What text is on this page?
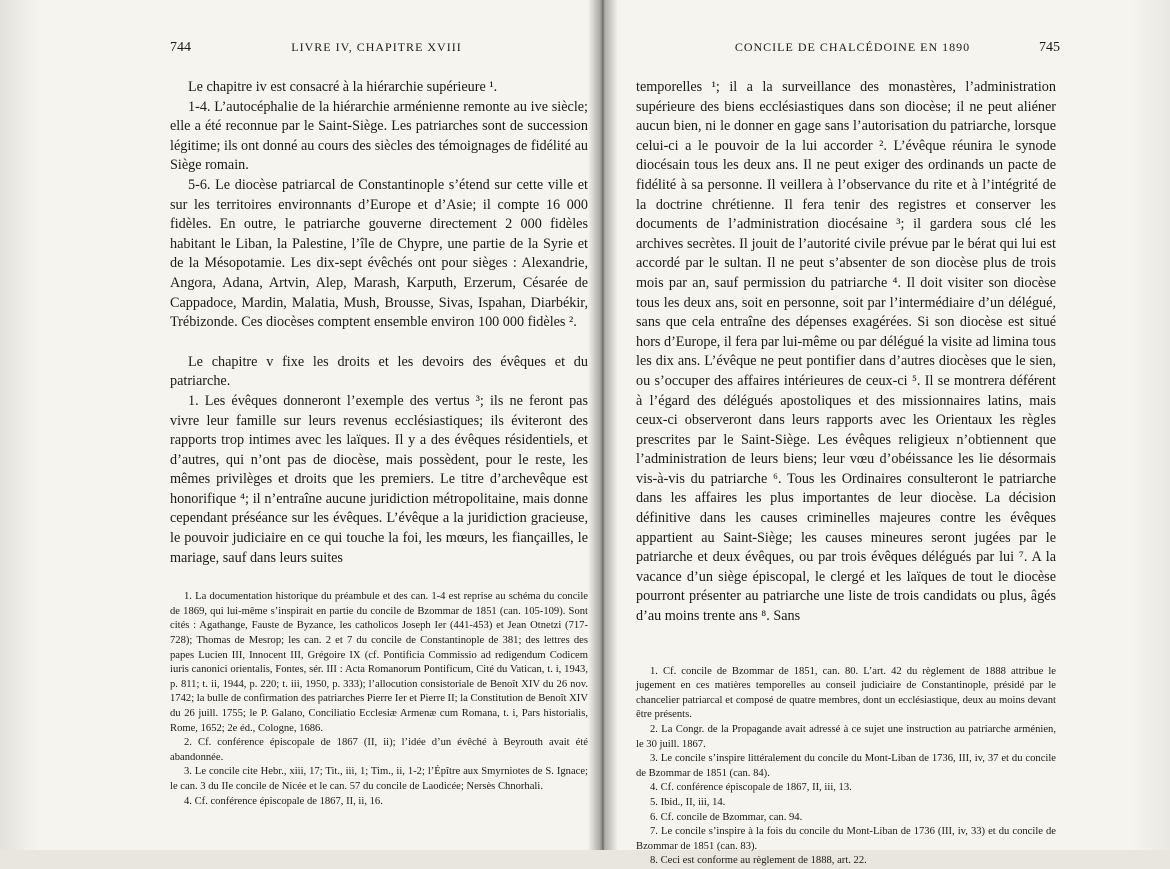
744	LIVRE IV, CHAPITRE XVIII

Le chapitre iv est consacré à la hiérarchie supérieure ¹.

1-4. L’autocéphalie de la hiérarchie arménienne remonte au ive siècle; elle a été reconnue par le Saint-Siège. Les patriarches sont de succession légitime; ils ont donné au cours des siècles des témoignages de fidélité au Siège romain.

5-6. Le diocèse patriarcal de Constantinople s’étend sur cette ville et sur les territoires environnants d’Europe et d’Asie; il compte 16 000 fidèles. En outre, le patriarche gouverne directement 2 000 fidèles habitant le Liban, la Palestine, l’île de Chypre, une partie de la Syrie et de la Mésopotamie. Les dix-sept évêchés ont pour sièges : Alexandrie, Angora, Adana, Artvin, Alep, Marash, Karputh, Erzerum, Césarée de Cappadoce, Mardin, Malatia, Mush, Brousse, Sivas, Ispahan, Diarbékir, Trébizonde. Ces diocèses comptent ensemble environ 100 000 fidèles ².

Le chapitre v fixe les droits et les devoirs des évêques et du patriarche.

1. Les évêques donneront l’exemple des vertus ³; ils ne feront pas vivre leur famille sur leurs revenus ecclésiastiques; ils éviteront des rapports trop intimes avec les laïques. Il y a des évêques résidentiels, et d’autres, qui n’ont pas de diocèse, mais possèdent, pour le reste, les mêmes privilèges et droits que les premiers. Le titre d’archevêque est honorifique ⁴; il n’entraîne aucune juridiction métropolitaine, mais donne cependant préséance sur les évêques. L’évêque a la juridiction gracieuse, le pouvoir judiciaire en ce qui touche la foi, les mœurs, les fiançailles, le mariage, sauf dans leurs suites

1. La documentation historique du préambule et des can. 1-4 est reprise au schéma du concile de 1869, qui lui-même s’inspirait en partie du concile de Bzommar de 1851 (can. 105-109). Sont cités : Agathange, Fauste de Byzance, les catholicos Joseph Ier (441-453) et Jean Otnetzi (717-728); Thomas de Mesrop; les can. 2 et 7 du concile de Constantinople de 381; des lettres des papes Lucien III, Innocent III, Grégoire IX (cf. Pontificia Commissio ad redigendum Codicem iuris canonici orientalis, Fontes, sér. III : Acta Romanorum Pontificum, Cité du Vatican, t. i, 1943, p. 811; t. ii, 1944, p. 220; t. iii, 1950, p. 333); l’allocution consistoriale de Benoît XIV du 26 nov. 1742; la bulle de confirmation des patriarches Pierre Ier et Pierre II; la Constitution de Benoît XIV du 26 juill. 1755; le P. Galano, Conciliatio Ecclesiæ Armenæ cum Romana, t. i, Pars historialis, Rome, 1652; 2e éd., Cologne, 1686.

2. Cf. conférence épiscopale de 1867 (II, ii); l’idée d’un évêché à Beyrouth avait été abandonnée.

3. Le concile cite Hebr., xiii, 17; Tit., iii, 1; Tim., ii, 1-2; l’Épître aux Smyrniotes de S. Ignace; le can. 3 du IIe concile de Nicée et le can. 57 du concile de Laodicée; Nersès Chnorhali.

4. Cf. conférence épiscopale de 1867, II, ii, 16.

CONCILE DE CHALCÉDOINE EN 1890	745

temporelles ¹; il a la surveillance des monastères, l’administration supérieure des biens ecclésiastiques dans son diocèse; il ne peut aliéner aucun bien, ni le donner en gage sans l’autorisation du patriarche, lorsque celui-ci a le pouvoir de la lui accorder ². L’évêque réunira le synode diocésain tous les deux ans. Il ne peut exiger des ordinands un pacte de fidélité à sa personne. Il veillera à l’observance du rite et à l’intégrité de la doctrine chrétienne. Il fera tenir des registres et conserver les documents de l’administration diocésaine ³; il gardera sous clé les archives secrètes. Il jouit de l’autorité civile prévue par le bérat qui lui est accordé par le sultan. Il ne peut s’absenter de son diocèse plus de trois mois par an, sauf permission du patriarche ⁴. Il doit visiter son diocèse tous les deux ans, soit en personne, soit par l’intermédiaire d’un délégué, sans que cela entraîne des dépenses exagérées. Si son diocèse est situé hors d’Europe, il fera par lui-même ou par délégué la visite ad limina tous les dix ans. L’évêque ne peut pontifier dans d’autres diocèses que le sien, ou s’occuper des affaires intérieures de ceux-ci ⁵. Il se montrera déférent à l’égard des délégués apostoliques et des missionnaires latins, mais ceux-ci observeront dans leurs rapports avec les Orientaux les règles prescrites par le Saint-Siège. Les évêques religieux n’obtiennent que l’administration de leurs biens; leur vœu d’obéissance les lie désormais vis-à-vis du patriarche ⁶. Tous les Ordinaires consulteront le patriarche dans les affaires les plus importantes de leur diocèse. La décision définitive dans les causes criminelles majeures contre les évêques appartient au Saint-Siège; les causes mineures seront jugées par le patriarche et deux évêques, ou par trois évêques délégués par lui ⁷. A la vacance d’un siège épiscopal, le clergé et les laïques de tout le diocèse pourront présenter au patriarche une liste de trois candidats ou plus, âgés d’au moins trente ans ⁸. Sans

1. Cf. concile de Bzommar de 1851, can. 80. L’art. 42 du règlement de 1888 attribue le jugement en ces matières temporelles au conseil judiciaire de Constantinople, présidé par le chancelier patriarcal et composé de quatre membres, dont un ecclésiastique, deux au moins devant être présents.

2. La Congr. de la Propagande avait adressé à ce sujet une instruction au patriarche arménien, le 30 juill. 1867.

3. Le concile s’inspire littéralement du concile du Mont-Liban de 1736, III, iv, 37 et du concile de Bzommar de 1851 (can. 84).

4. Cf. conférence épiscopale de 1867, II, iii, 13.

5. Ibid., II, iii, 14.

6. Cf. concile de Bzommar, can. 94.

7. Le concile s’inspire à la fois du concile du Mont-Liban de 1736 (III, iv, 33) et du concile de Bzommar de 1851 (can. 83).

8. Ceci est conforme au règlement de 1888, art. 22.
